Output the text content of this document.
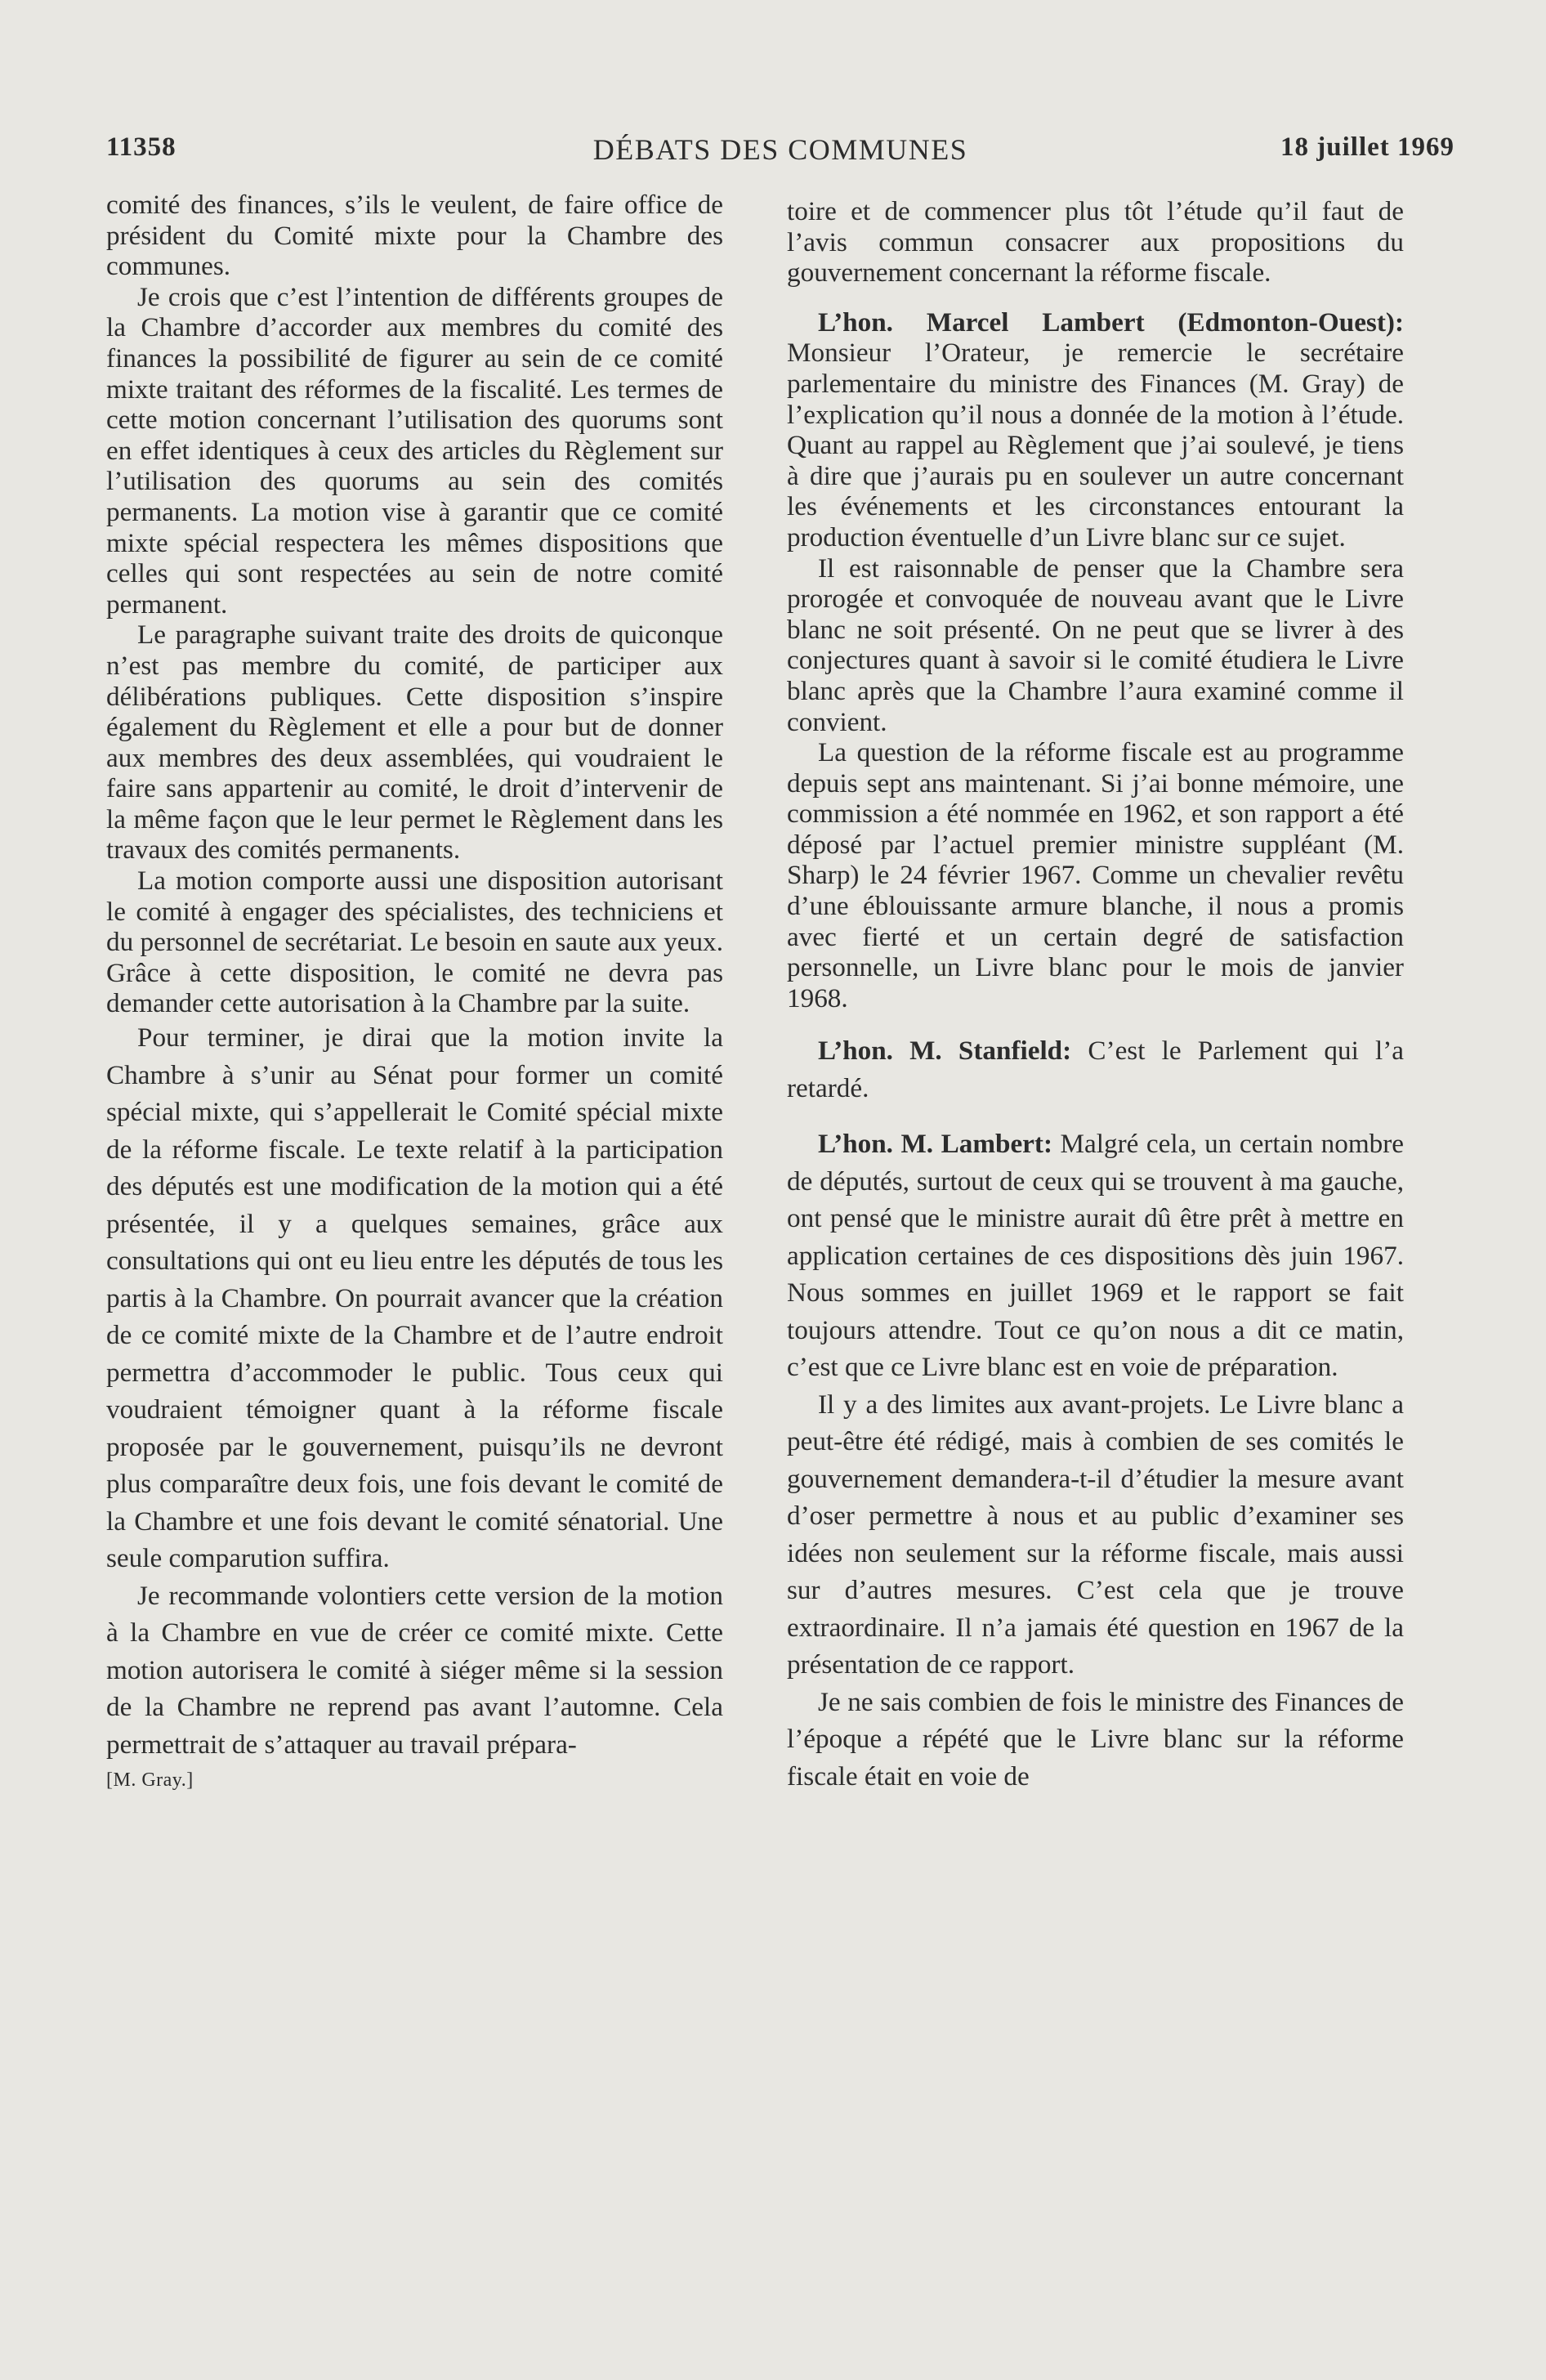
11358	DÉBATS DES COMMUNES	18 juillet 1969

comité des finances, s’ils le veulent, de faire office de président du Comité mixte pour la Chambre des communes.

Je crois que c’est l’intention de différents groupes de la Chambre d’accorder aux membres du comité des finances la possibilité de figurer au sein de ce comité mixte traitant des réformes de la fiscalité. Les termes de cette motion concernant l’utilisation des quorums sont en effet identiques à ceux des articles du Règlement sur l’utilisation des quorums au sein des comités permanents. La motion vise à garantir que ce comité mixte spécial respectera les mêmes dispositions que celles qui sont respectées au sein de notre comité permanent.

Le paragraphe suivant traite des droits de quiconque n’est pas membre du comité, de participer aux délibérations publiques. Cette disposition s’inspire également du Règlement et elle a pour but de donner aux membres des deux assemblées, qui voudraient le faire sans appartenir au comité, le droit d’intervenir de la même façon que le leur permet le Règlement dans les travaux des comités permanents.

La motion comporte aussi une disposition autorisant le comité à engager des spécialistes, des techniciens et du personnel de secrétariat. Le besoin en saute aux yeux. Grâce à cette disposition, le comité ne devra pas demander cette autorisation à la Chambre par la suite.

Pour terminer, je dirai que la motion invite la Chambre à s’unir au Sénat pour former un comité spécial mixte, qui s’appellerait le Comité spécial mixte de la réforme fiscale. Le texte relatif à la participation des députés est une modification de la motion qui a été présentée, il y a quelques semaines, grâce aux consultations qui ont eu lieu entre les députés de tous les partis à la Chambre. On pourrait avancer que la création de ce comité mixte de la Chambre et de l’autre endroit permettra d’accommoder le public. Tous ceux qui voudraient témoigner quant à la réforme fiscale proposée par le gouvernement, puisqu’ils ne devront plus comparaître deux fois, une fois devant le comité de la Chambre et une fois devant le comité sénatorial. Une seule comparution suffira.

Je recommande volontiers cette version de la motion à la Chambre en vue de créer ce comité mixte. Cette motion autorisera le comité à siéger même si la session de la Chambre ne reprend pas avant l’automne. Cela permettrait de s’attaquer au travail prépara-

[M. Gray.]

toire et de commencer plus tôt l’étude qu’il faut de l’avis commun consacrer aux propositions du gouvernement concernant la réforme fiscale.

L’hon. Marcel Lambert (Edmonton-Ouest): Monsieur l’Orateur, je remercie le secrétaire parlementaire du ministre des Finances (M. Gray) de l’explication qu’il nous a donnée de la motion à l’étude. Quant au rappel au Règlement que j’ai soulevé, je tiens à dire que j’aurais pu en soulever un autre concernant les événements et les circonstances entourant la production éventuelle d’un Livre blanc sur ce sujet.

Il est raisonnable de penser que la Chambre sera prorogée et convoquée de nouveau avant que le Livre blanc ne soit présenté. On ne peut que se livrer à des conjectures quant à savoir si le comité étudiera le Livre blanc après que la Chambre l’aura examiné comme il convient.

La question de la réforme fiscale est au programme depuis sept ans maintenant. Si j’ai bonne mémoire, une commission a été nommée en 1962, et son rapport a été déposé par l’actuel premier ministre suppléant (M. Sharp) le 24 février 1967. Comme un chevalier revêtu d’une éblouissante armure blanche, il nous a promis avec fierté et un certain degré de satisfaction personnelle, un Livre blanc pour le mois de janvier 1968.

L’hon. M. Stanfield: C’est le Parlement qui l’a retardé.

L’hon. M. Lambert: Malgré cela, un certain nombre de députés, surtout de ceux qui se trouvent à ma gauche, ont pensé que le ministre aurait dû être prêt à mettre en application certaines de ces dispositions dès juin 1967. Nous sommes en juillet 1969 et le rapport se fait toujours attendre. Tout ce qu’on nous a dit ce matin, c’est que ce Livre blanc est en voie de préparation.

Il y a des limites aux avant-projets. Le Livre blanc a peut-être été rédigé, mais à combien de ses comités le gouvernement demandera-t-il d’étudier la mesure avant d’oser permettre à nous et au public d’examiner ses idées non seulement sur la réforme fiscale, mais aussi sur d’autres mesures. C’est cela que je trouve extraordinaire. Il n’a jamais été question en 1967 de la présentation de ce rapport.

Je ne sais combien de fois le ministre des Finances de l’époque a répété que le Livre blanc sur la réforme fiscale était en voie de
